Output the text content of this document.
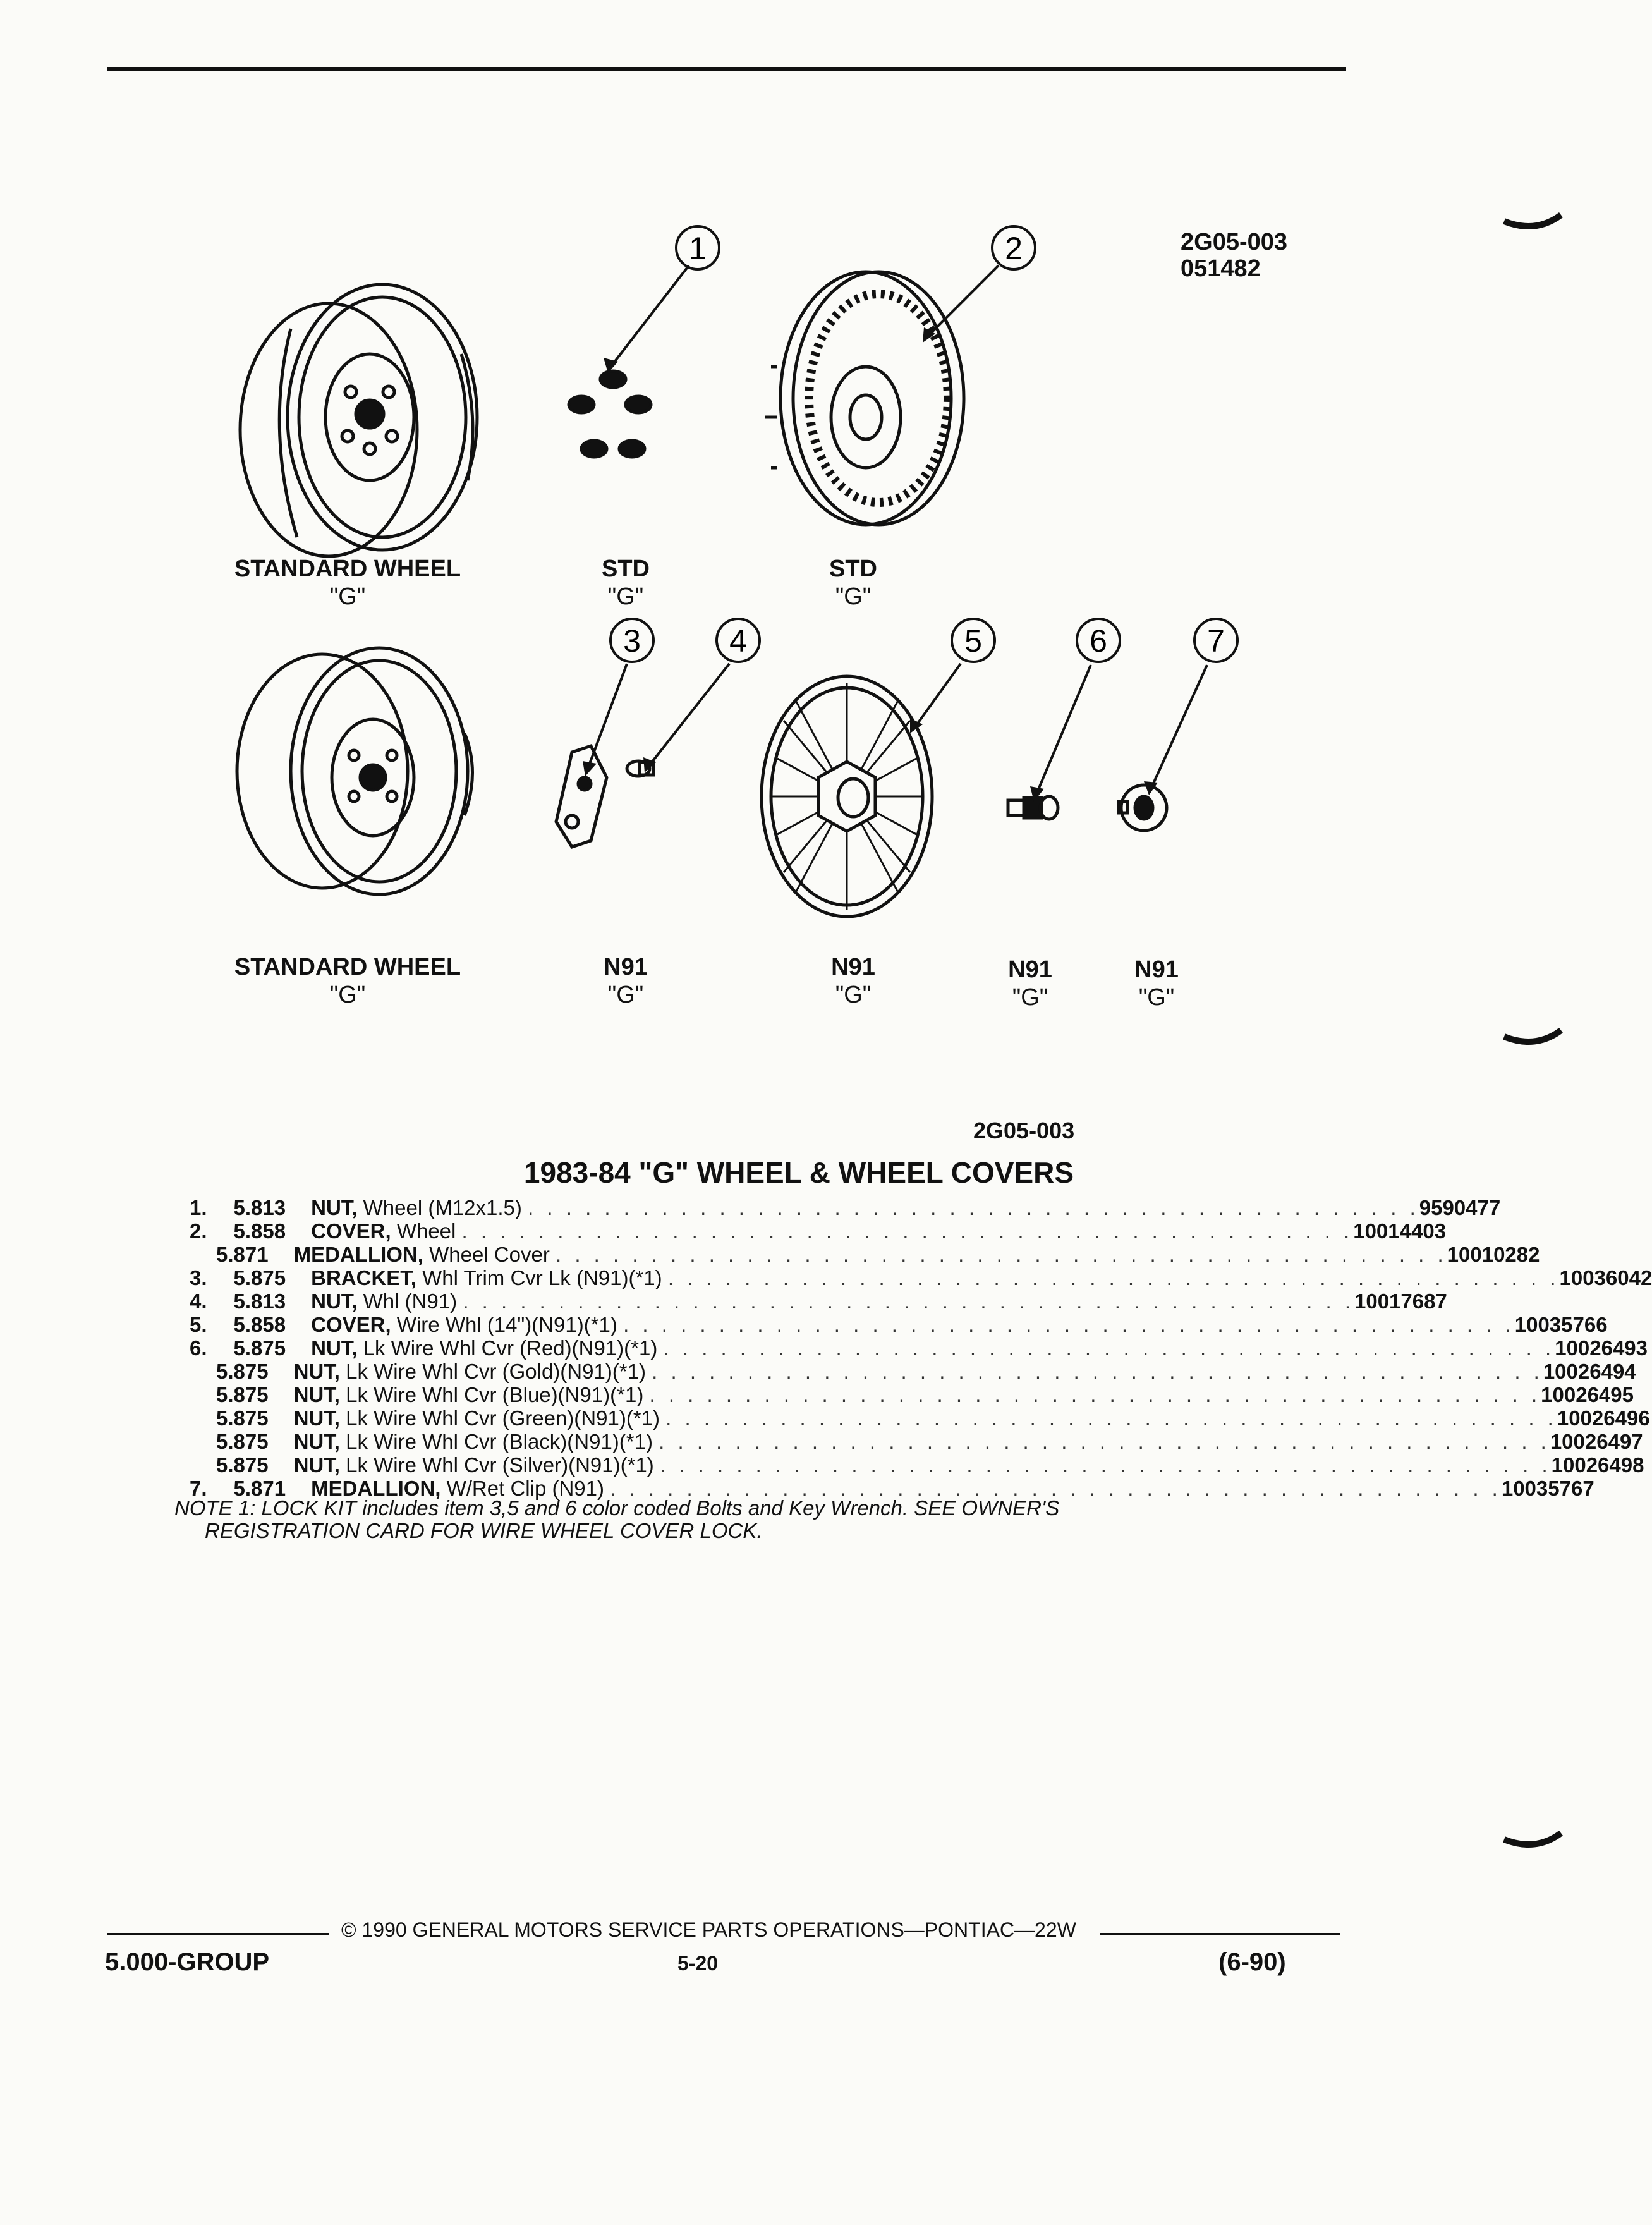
2G05-003
051482
1	2
3	4	5	6	7
STANDARD WHEEL
"G"
STD
"G"
STD
"G"
STANDARD WHEEL
"G"
N91
"G"
N91
"G"
N91
"G"
N91
"G"
2G05-003
1983-84 "G" WHEEL & WHEEL COVERS
1.	5.813	NUT, Wheel (M12x1.5) . . . . . . . . . . . . . . . . . . . . . . . . . . . . . . . . . . . . . . . . . . . . . . . 9590477
2.	5.858	COVER, Wheel . . . . . . . . . . . . . . . . . . . . . . . . . . . . . . . . . . . . . . . . . . . . . . . 10014403
5.871	MEDALLION, Wheel Cover . . . . . . . . . . . . . . . . . . . . . . . . . . . . . . . . . . . . . . . . . . . . . . . 10010282
3.	5.875	BRACKET, Whl Trim Cvr Lk (N91)(*1) . . . . . . . . . . . . . . . . . . . . . . . . . . . . . . . . . . . . . . . . . . . . . . . 10036042
4.	5.813	NUT, Whl (N91) . . . . . . . . . . . . . . . . . . . . . . . . . . . . . . . . . . . . . . . . . . . . . . . 10017687
5.	5.858	COVER, Wire Whl (14")(N91)(*1) . . . . . . . . . . . . . . . . . . . . . . . . . . . . . . . . . . . . . . . . . . . . . . . 10035766
6.	5.875	NUT, Lk Wire Whl Cvr (Red)(N91)(*1) . . . . . . . . . . . . . . . . . . . . . . . . . . . . . . . . . . . . . . . . . . . . . . . 10026493
5.875	NUT, Lk Wire Whl Cvr (Gold)(N91)(*1) . . . . . . . . . . . . . . . . . . . . . . . . . . . . . . . . . . . . . . . . . . . . . . . 10026494
5.875	NUT, Lk Wire Whl Cvr (Blue)(N91)(*1) . . . . . . . . . . . . . . . . . . . . . . . . . . . . . . . . . . . . . . . . . . . . . . . 10026495
5.875	NUT, Lk Wire Whl Cvr (Green)(N91)(*1) . . . . . . . . . . . . . . . . . . . . . . . . . . . . . . . . . . . . . . . . . . . . . . . 10026496
5.875	NUT, Lk Wire Whl Cvr (Black)(N91)(*1) . . . . . . . . . . . . . . . . . . . . . . . . . . . . . . . . . . . . . . . . . . . . . . . 10026497
5.875	NUT, Lk Wire Whl Cvr (Silver)(N91)(*1) . . . . . . . . . . . . . . . . . . . . . . . . . . . . . . . . . . . . . . . . . . . . . . . 10026498
7.	5.871	MEDALLION, W/Ret Clip (N91) . . . . . . . . . . . . . . . . . . . . . . . . . . . . . . . . . . . . . . . . . . . . . . . 10035767
NOTE 1: LOCK KIT includes item 3,5 and 6 color coded Bolts and Key Wrench. SEE OWNER'S
REGISTRATION CARD FOR WIRE WHEEL COVER LOCK.
© 1990 GENERAL MOTORS SERVICE PARTS OPERATIONS—PONTIAC—22W
5.000-GROUP	5-20	(6-90)
